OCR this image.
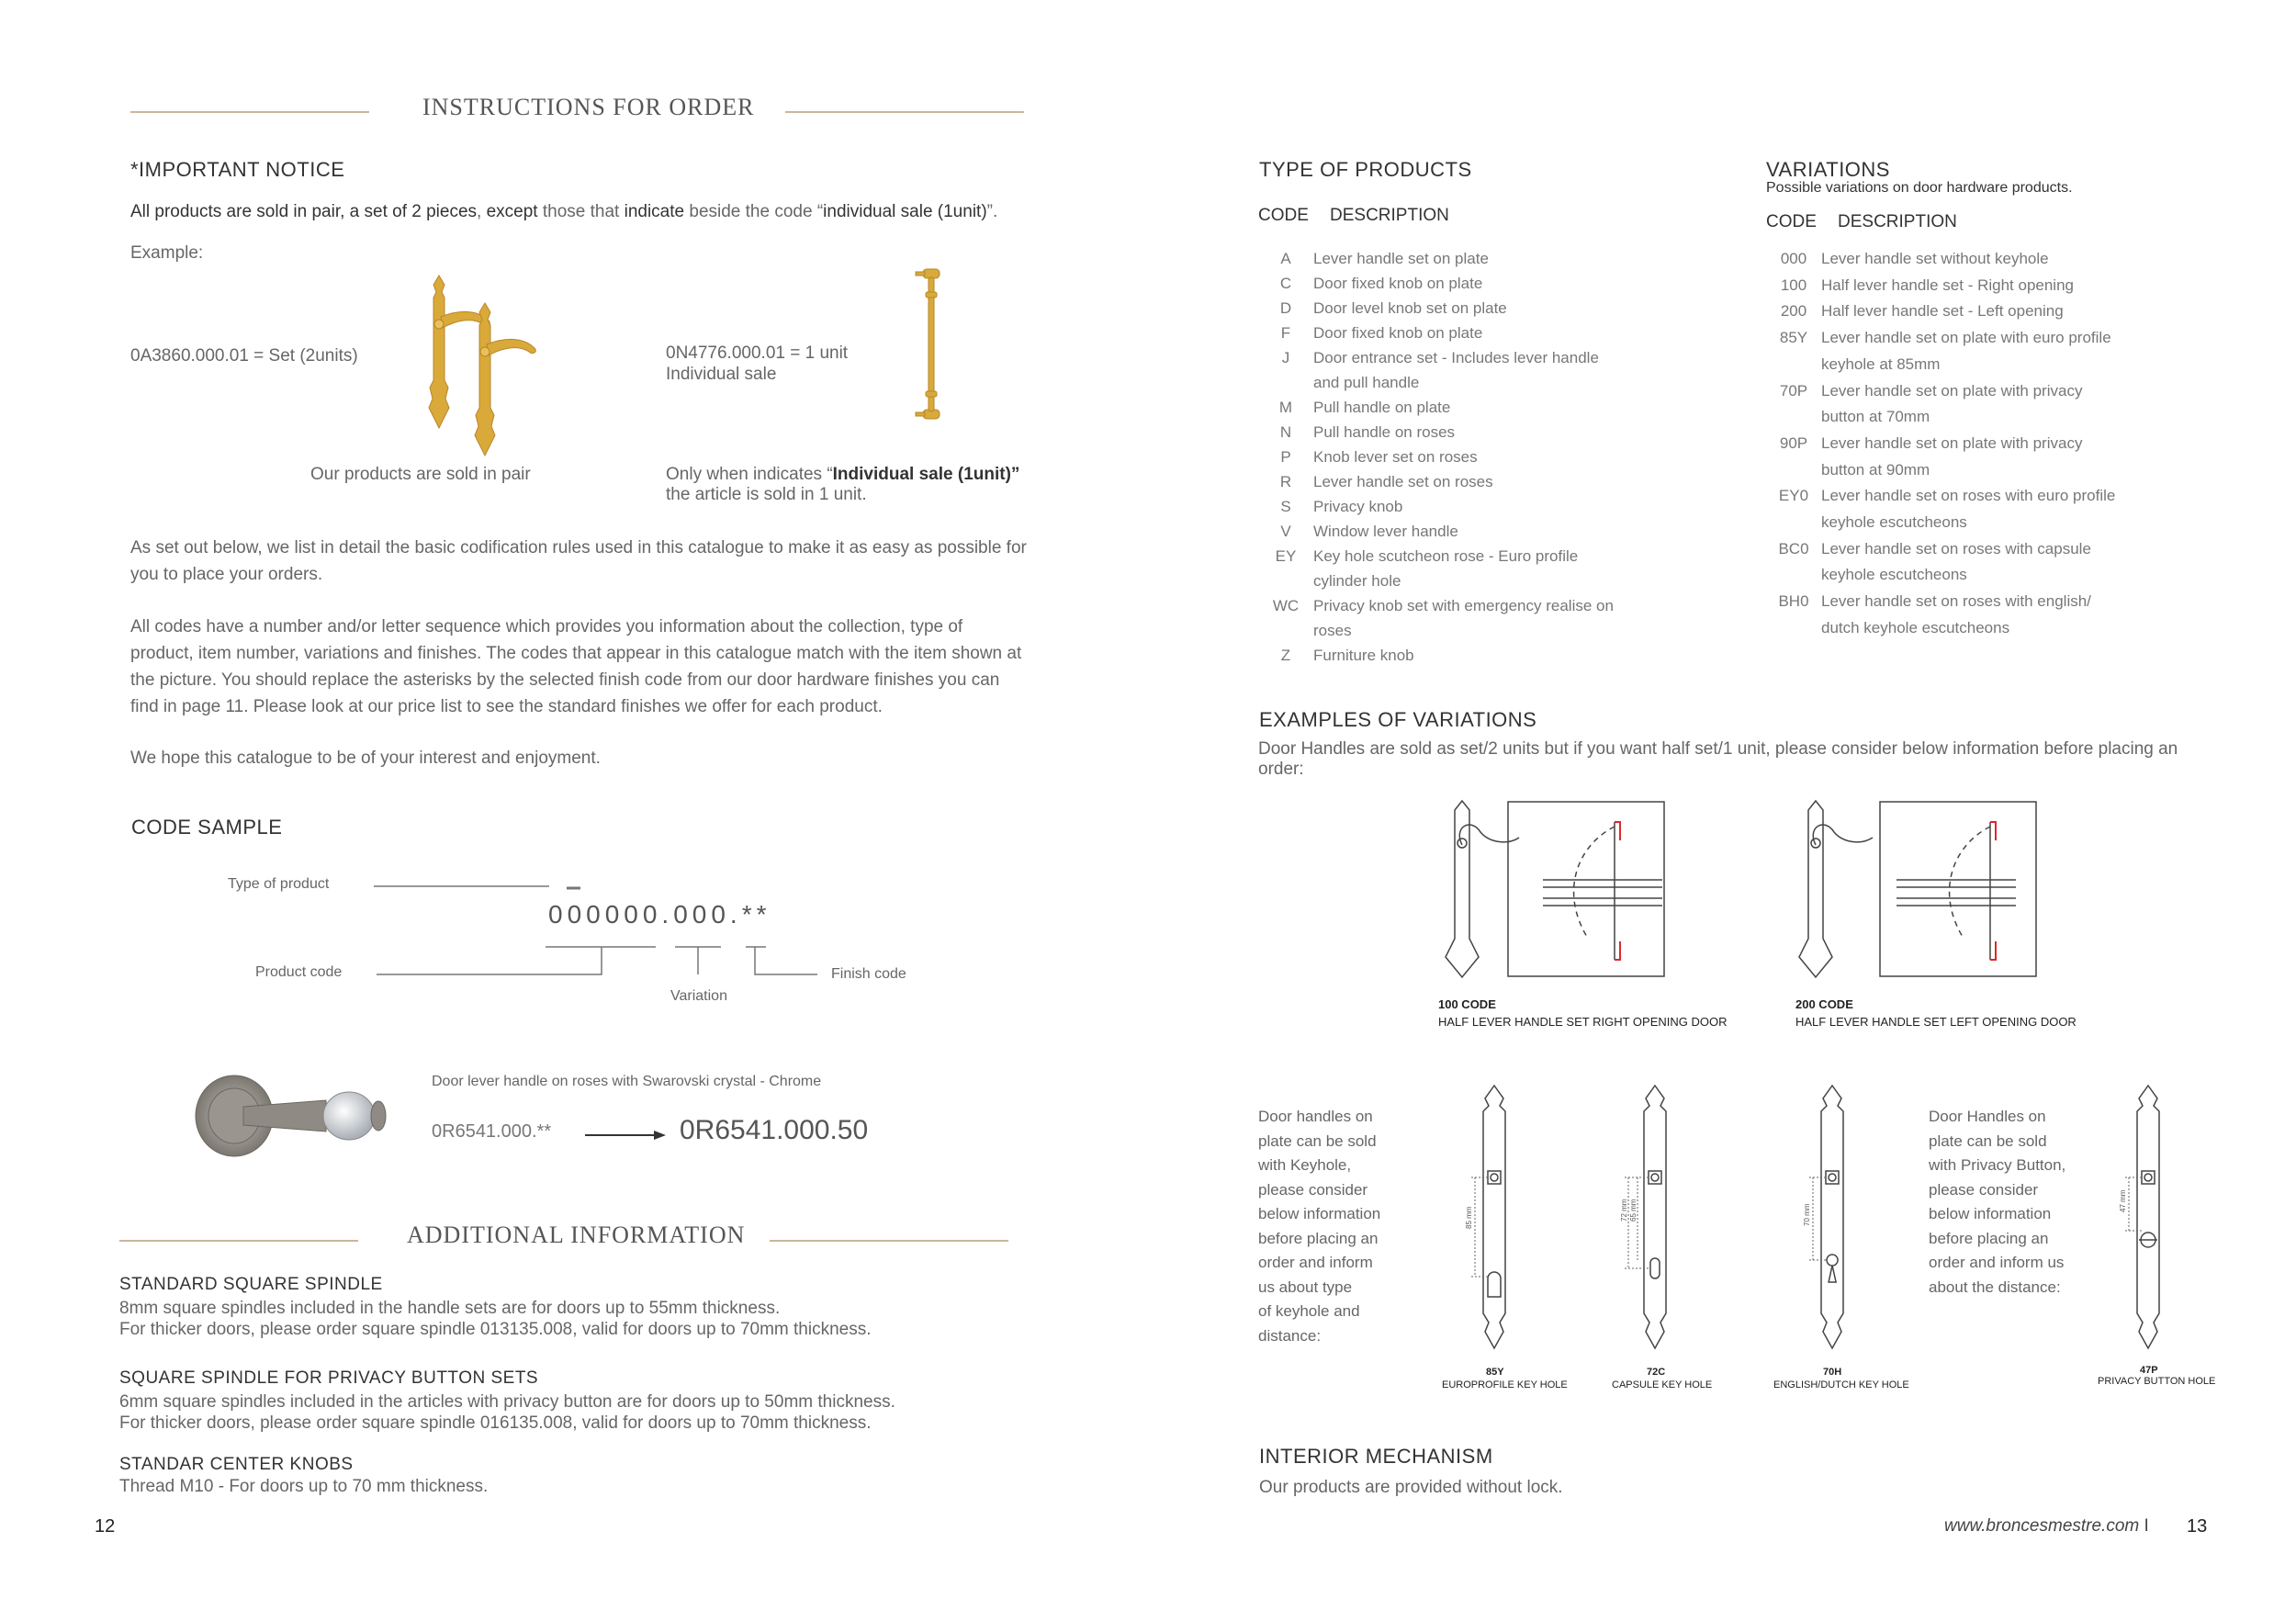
INSTRUCTIONS FOR ORDER
*IMPORTANT NOTICE
All products are sold in pair, a set of 2 pieces, except those that indicate beside the code “individual sale (1unit)”.
Example:
0A3860.000.01 = Set (2units)	0N4776.000.01 = 1 unit
Individual sale
Our products are sold in pair	Only when indicates “Individual sale (1unit)”
the article is sold in 1 unit.
As set out below, we list in detail the basic codification rules used in this catalogue to make it as easy as possible for you to place your orders.
All codes have a number and/or letter sequence which provides you information about the collection, type of product, item number, variations and finishes. The codes that appear in this catalogue match with the item shown at the picture. You should replace the asterisks by the selected finish code from our door hardware finishes you can find in page 11. Please look at our price list to see the standard finishes we offer for each product.
We hope this catalogue to be of your interest and enjoyment.
CODE SAMPLE
Type of product
000000.000.**
Product code
Variation
Finish code
Door lever handle on roses with Swarovski crystal - Chrome
0R6541.000.**	0R6541.000.50
ADDITIONAL INFORMATION
STANDARD SQUARE SPINDLE
8mm square spindles included in the handle sets are for doors up to 55mm thickness.
For thicker doors, please order square spindle 013135.008, valid for doors up to 70mm thickness.
SQUARE SPINDLE FOR PRIVACY BUTTON SETS
6mm square spindles included in the articles with privacy button are for doors up to 50mm thickness.
For thicker doors, please order square spindle 016135.008, valid for doors up to 70mm thickness.
STANDAR CENTER KNOBS
Thread M10 - For doors up to 70 mm thickness.
12
TYPE OF PRODUCTS
CODE DESCRIPTION
A	Lever handle set on plate
C	Door fixed knob on plate
D	Door level knob set on plate
F	Door fixed knob on plate
J	Door entrance set - Includes lever handle
and pull handle
M	Pull handle on plate
N	Pull handle on roses
P	Knob lever set on roses
R	Lever handle set on roses
S	Privacy knob
V	Window lever handle
EY	Key hole scutcheon rose - Euro profile
cylinder hole
WC Privacy knob set with emergency realise on
roses
Z	Furniture knob
VARIATIONS
Possible variations on door hardware products.
CODE DESCRIPTION
000 Lever handle set without keyhole
100 Half lever handle set - Right opening
200 Half lever handle set - Left opening
85Y Lever handle set on plate with euro profile
keyhole at 85mm
70P Lever handle set on plate with privacy
button at 70mm
90P Lever handle set on plate with privacy
button at 90mm
EY0 Lever handle set on roses with euro profile
keyhole escutcheons
BC0 Lever handle set on roses with capsule
keyhole escutcheons
BH0 Lever handle set on roses with english/
dutch keyhole escutcheons
EXAMPLES OF VARIATIONS
Door Handles are sold as set/2 units but if you want half set/1 unit, please consider below information before placing an order:
100 CODE
HALF LEVER HANDLE SET RIGHT OPENING DOOR
200 CODE
HALF LEVER HANDLE SET LEFT OPENING DOOR
Door handles on
plate can be sold
with Keyhole,
please consider
below information
before placing an
order and inform
us about type
of keyhole and
distance:
Door Handles on
plate can be sold
with Privacy Button,
please consider
below information
before placing an
order and inform us
about the distance:
85 mm
85Y
EUROPROFILE KEY HOLE
72 mm 65 mm
72C
CAPSULE KEY HOLE
70 mm
70H
ENGLISH/DUTCH KEY HOLE
47 mm
47P
PRIVACY BUTTON HOLE
INTERIOR MECHANISM
Our products are provided without lock.
www.broncesmestre.com I 13
